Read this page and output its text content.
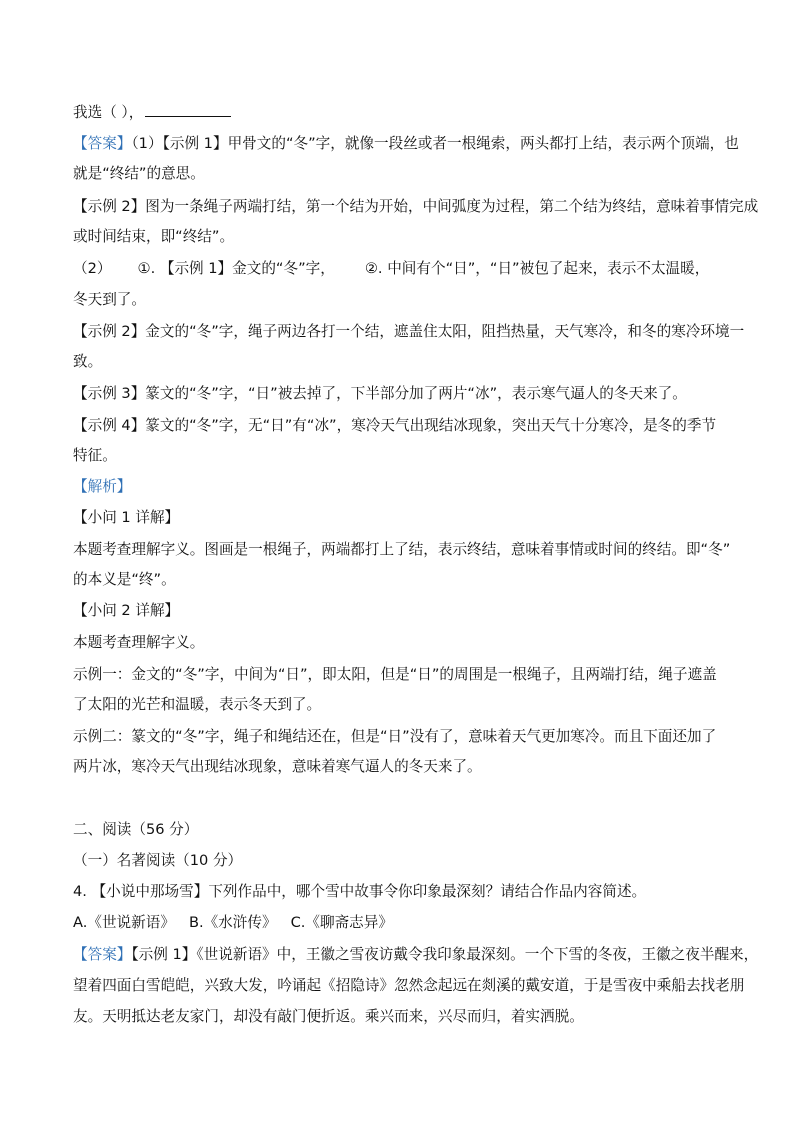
我选（ ），
【答案】（1）【示例 1】甲骨文的“冬”字，就像一段丝或者一根绳索，两头都打上结，表示两个顶端，也
就是“终结”的意思。
【示例 2】图为一条绳子两端打结，第一个结为开始，中间弧度为过程，第二个结为终结，意味着事情完成
或时间结束，即“终结”。
（2） ①. 【示例 1】金文的“冬”字， ②. 中间有个“日”，“日”被包了起来，表示不太温暖，
冬天到了。
【示例 2】金文的“冬”字，绳子两边各打一个结，遮盖住太阳，阻挡热量，天气寒冷，和冬的寒冷环境一
致。
【示例 3】篆文的“冬”字，“日”被去掉了，下半部分加了两片“冰”，表示寒气逼人的冬天来了。
【示例 4】篆文的“冬”字，无“日”有“冰”，寒冷天气出现结冰现象，突出天气十分寒冷，是冬的季节
特征。
【解析】
【小问 1 详解】
本题考查理解字义。图画是一根绳子，两端都打上了结，表示终结，意味着事情或时间的终结。即“冬”
的本义是“终”。
【小问 2 详解】
本题考查理解字义。
示例一：金文的“冬”字，中间为“日”，即太阳，但是“日”的周围是一根绳子，且两端打结，绳子遮盖
了太阳的光芒和温暖，表示冬天到了。
示例二：篆文的“冬”字，绳子和绳结还在，但是“日”没有了，意味着天气更加寒冷。而且下面还加了
两片冰，寒冷天气出现结冰现象，意味着寒气逼人的冬天来了。
二、阅读（56 分）
（一）名著阅读（10 分）
4. 【小说中那场雪】下列作品中，哪个雪中故事令你印象最深刻？请结合作品内容简述。
A.《世说新语》 B.《水浒传》 C.《聊斋志异》
【答案】【示例 1】《世说新语》中，王徽之雪夜访戴令我印象最深刻。一个下雪的冬夜，王徽之夜半醒来，
望着四面白雪皑皑，兴致大发，吟诵起《招隐诗》忽然念起远在剡溪的戴安道，于是雪夜中乘船去找老朋
友。天明抵达老友家门，却没有敲门便折返。乘兴而来，兴尽而归，着实洒脱。
